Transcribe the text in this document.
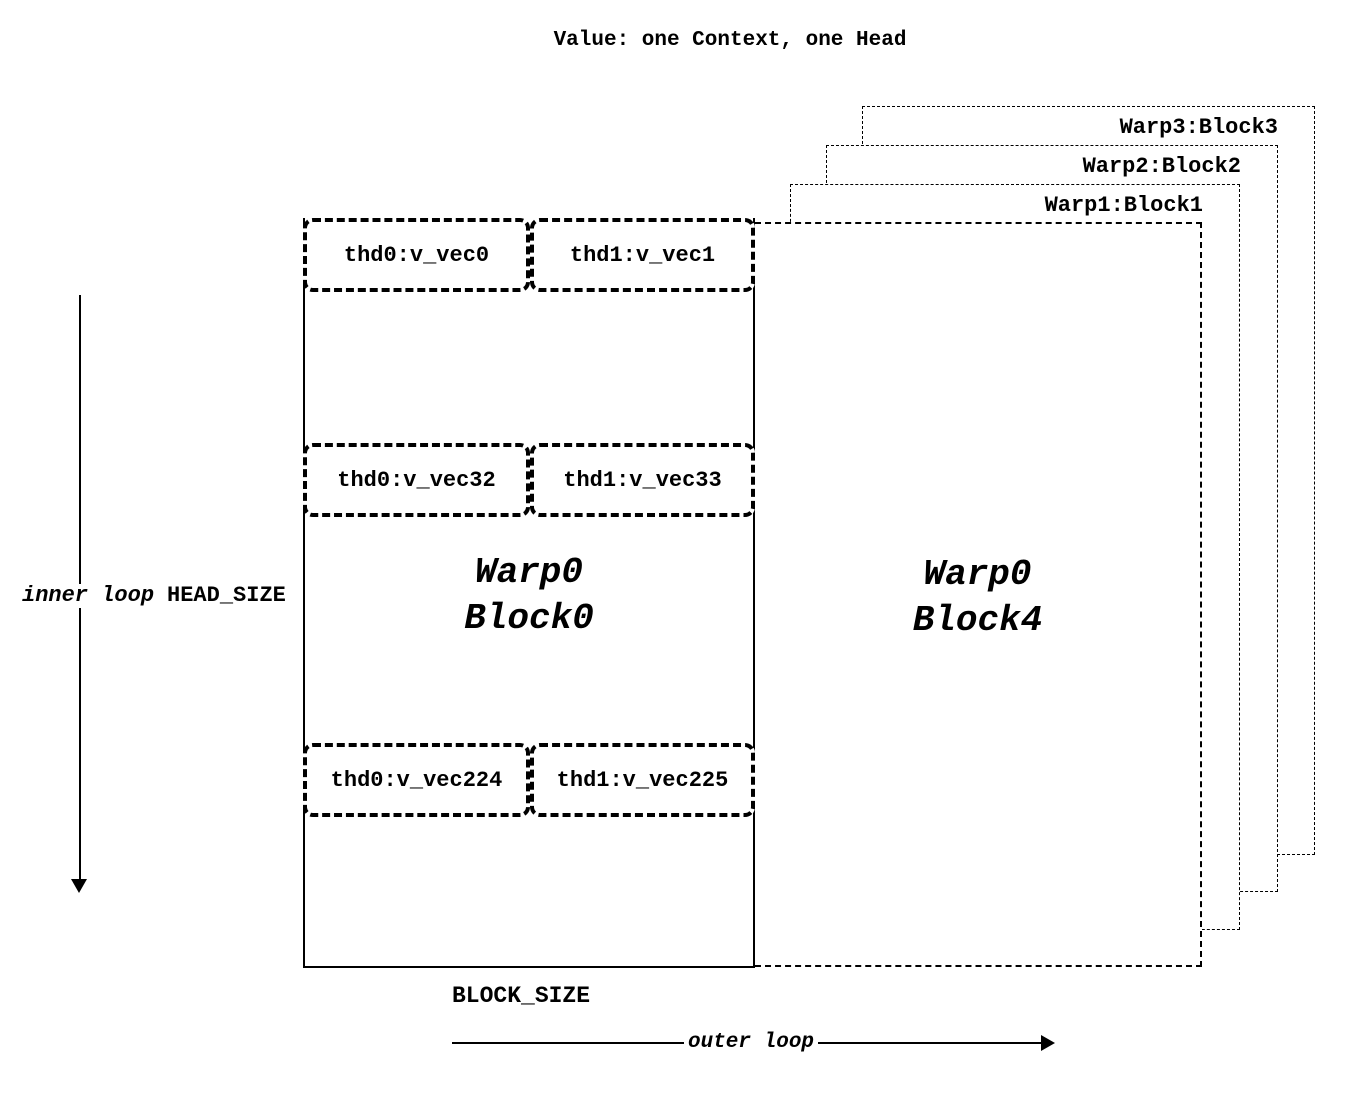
Value: one Context, one Head
Warp3:Block3
Warp2:Block2
Warp1:Block1
Warp0
Block4
Warp0
Block0
thd0:v_vec0	thd1:v_vec1
thd0:v_vec32	thd1:v_vec33
thd0:v_vec224 thd1:v_vec225
inner loop HEAD_SIZE
BLOCK_SIZE
outer loop
